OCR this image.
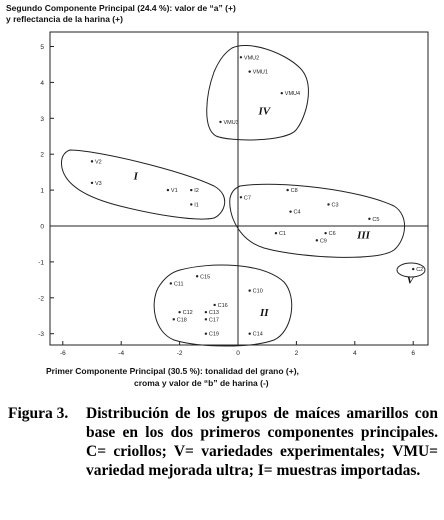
Segundo Componente Principal (24.4 %): valor de “a” (+)
y reflectancia de la harina (+)
5
4
3
2
1
0
-1
-2
-3
-6	-4	-2	0	2	4	6
VMU2
VMU1
VMU4
VMU3
V2
V3
V1	I2
I1
C8
C7
C3
C4
C5
C1	C6
C9
C2
C15
C11
C10
C16
C12	C13
C18	C17
C19	C14
I
II
III
IV
V
Primer Componente Principal (30.5 %): tonalidad del grano (+),
croma y valor de “b” de harina (-)
Figura 3. Distribución de los grupos de maíces amarillos con base en los dos primeros componentes principales. C= criollos; V= variedades experimentales; VMU= variedad mejorada ultra; I= muestras importadas.
